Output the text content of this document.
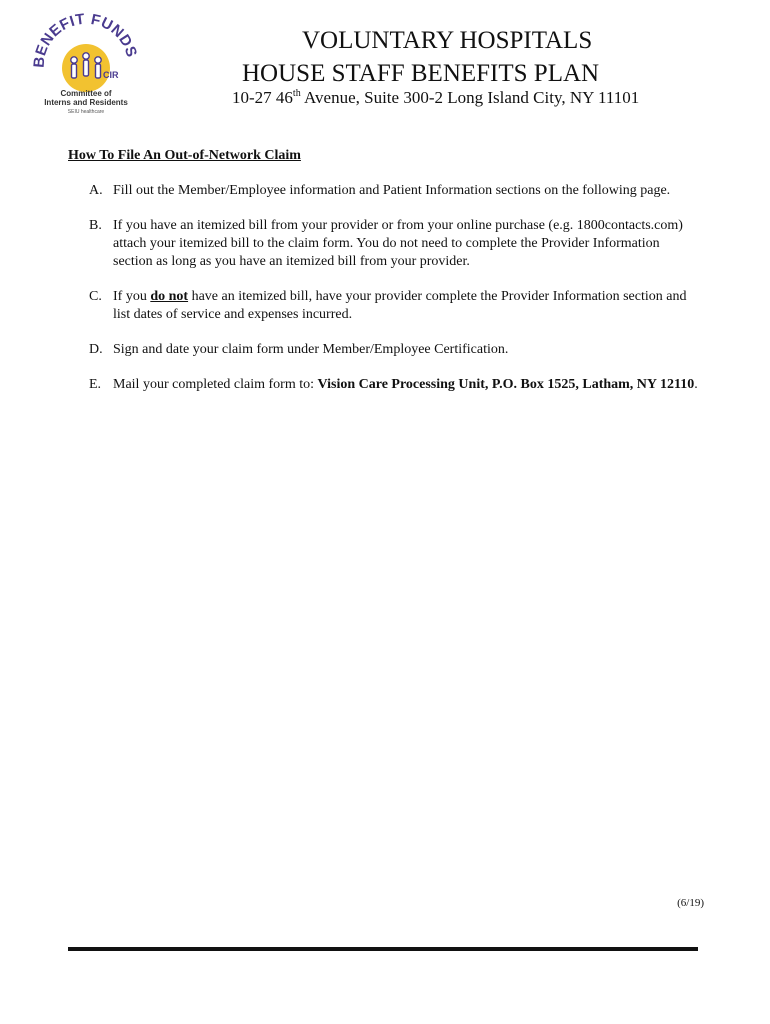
CIR
BENEFIT FUNDS
Committee of
Interns and Residents
SEIU healthcare
VOLUNTARY HOSPITALS
HOUSE STAFF BENEFITS PLAN
10-27 46th Avenue, Suite 300-2 Long Island City, NY 11101
How To File An Out-of-Network Claim
A. Fill out the Member/Employee information and Patient Information sections on the following page.
B. If you have an itemized bill from your provider or from your online purchase (e.g. 1800contacts.com) attach your itemized bill to the claim form. You do not need to complete the Provider Information section as long as you have an itemized bill from your provider.
C. If you do not have an itemized bill, have your provider complete the Provider Information section and list dates of service and expenses incurred.
D. Sign and date your claim form under Member/Employee Certification.
E. Mail your completed claim form to: Vision Care Processing Unit, P.O. Box 1525, Latham, NY 12110.
(6/19)
